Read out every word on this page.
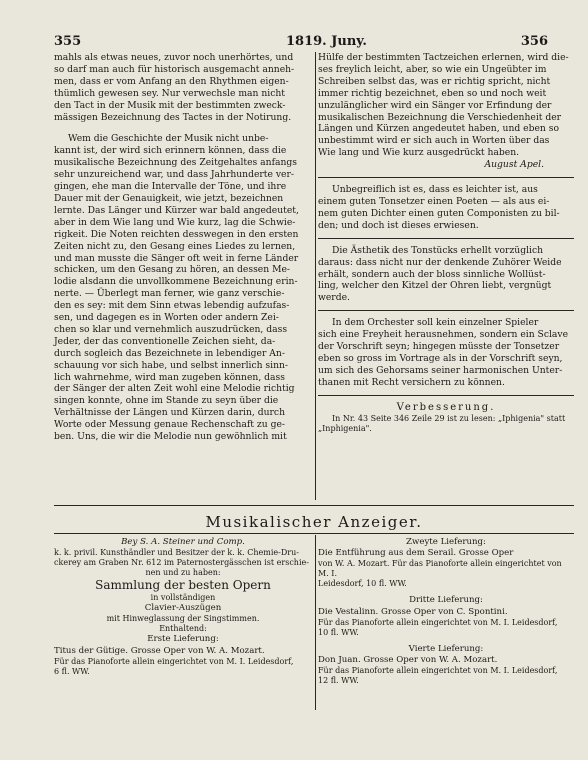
355	1819. Juny.	356
mahls als etwas neues, zuvor noch unerhörtes, und
so darf man auch für historisch ausgemacht anneh-
men, dass er vom Anfang an den Rhythmen eigen-
thümlich gewesen sey. Nur verwechsle man nicht
den Tact in der Musik mit der bestimmten zweck-
mässigen Bezeichnung des Tactes in der Notirung.
Wem die Geschichte der Musik nicht unbe-
kannt ist, der wird sich erinnern können, dass die
musikalische Bezeichnung des Zeitgehaltes anfangs
sehr unzureichend war, und dass Jahrhunderte ver-
gingen, ehe man die Intervalle der Töne, und ihre
Dauer mit der Genauigkeit, wie jetzt, bezeichnen
lernte. Das Länger und Kürzer war bald angedeutet,
aber in dem Wie lang und Wie kurz, lag die Schwie-
rigkeit. Die Noten reichten desswegen in den ersten
Zeiten nicht zu, den Gesang eines Liedes zu lernen,
und man musste die Sänger oft weit in ferne Länder
schicken, um den Gesang zu hören, an dessen Me-
lodie alsdann die unvollkommene Bezeichnung erin-
nerte. — Überlegt man ferner, wie ganz verschie-
den es sey: mit dem Sinn etwas lebendig aufzufas-
sen, und dagegen es in Worten oder andern Zei-
chen so klar und vernehmlich auszudrücken, dass
Jeder, der das conventionelle Zeichen sieht, da-
durch sogleich das Bezeichnete in lebendiger An-
schauung vor sich habe, und selbst innerlich sinn-
lich wahrnehme, wird man zugeben können, dass
der Sänger der alten Zeit wohl eine Melodie richtig
singen konnte, ohne im Stande zu seyn über die
Verhältnisse der Längen und Kürzen darin, durch
Worte oder Messung genaue Rechenschaft zu ge-
ben. Uns, die wir die Melodie nun gewöhnlich mit
Hülfe der bestimmten Tactzeichen erlernen, wird die-
ses freylich leicht, aber, so wie ein Ungeübter im
Schreiben selbst das, was er richtig spricht, nicht
immer richtig bezeichnet, eben so und noch weit
unzulänglicher wird ein Sänger vor Erfindung der
musikalischen Bezeichnung die Verschiedenheit der
Längen und Kürzen angedeutet haben, und eben so
unbestimmt wird er sich auch in Worten über das
Wie lang und Wie kurz ausgedrückt haben.
August Apel.
Unbegreiflich ist es, dass es leichter ist, aus
einem guten Tonsetzer einen Poeten — als aus ei-
nem guten Dichter einen guten Componisten zu bil-
den; und doch ist dieses erwiesen.
Die Ästhetik des Tonstücks erhellt vorzüglich
daraus: dass nicht nur der denkende Zuhörer Weide
erhält, sondern auch der bloss sinnliche Wollüst-
ling, welcher den Kitzel der Ohren liebt, vergnügt
werde.
In dem Orchester soll kein einzelner Spieler
sich eine Freyheit herausnehmen, sondern ein Sclave
der Vorschrift seyn; hingegen müsste der Tonsetzer
eben so gross im Vortrage als in der Vorschrift seyn,
um sich des Gehorsams seiner harmonischen Unter-
thanen mit Recht versichern zu können.
Verbesserung.
In Nr. 43 Seite 346 Zeile 29 ist zu lesen: „Iphigenia" statt
„Inphigenia".
Musikalischer Anzeiger.
Bey S. A. Steiner und Comp.
k. k. privil. Kunsthändler und Besitzer der k. k. Chemie-Dru-
ckerey am Graben Nr. 612 im Paternostergässchen ist erschie-
nen und zu haben:
Sammlung der besten Opern
in vollständigen
Clavier-Auszügen
mit Hinweglassung der Singstimmen.
Enthaltend:
Erste Lieferung:
Titus der Gütige. Grosse Oper von W. A. Mozart.
Für das Pianoforte allein eingerichtet von M. I. Leidesdorf,
6 fl. WW.
Zweyte Lieferung:
Die Entführung aus dem Serail. Grosse Oper
von W. A. Mozart. Für das Pianoforte allein eingerichtet von M. I.
Leidesdorf, 10 fl. WW.
Dritte Lieferung:
Die Vestalinn. Grosse Oper von C. Spontini.
Für das Pianoforte allein eingerichtet von M. I. Leidesdorf,
10 fl. WW.
Vierte Lieferung:
Don Juan. Grosse Oper von W. A. Mozart.
Für das Pianoforte allein eingerichtet von M. I. Leidesdorf,
12 fl. WW.
